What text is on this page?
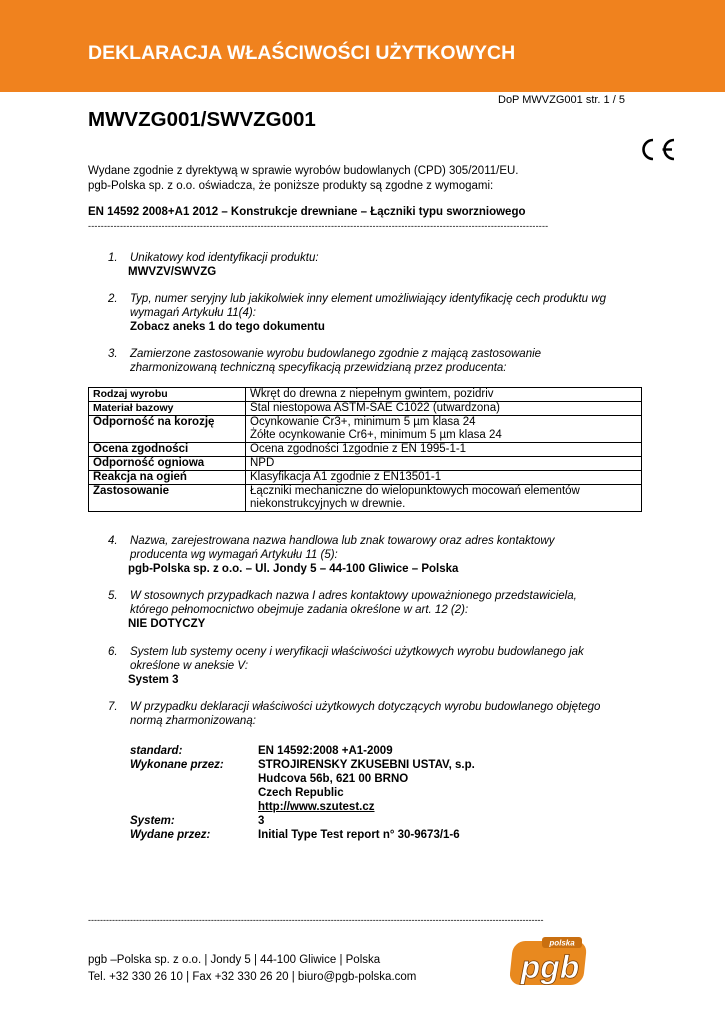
DEKLARACJA WŁAŚCIWOŚCI UŻYTKOWYCH
DoP MWVZG001 str. 1 / 5
MWVZG001/SWVZG001
Wydane zgodnie z dyrektywą w sprawie wyrobów budowlanych (CPD) 305/2011/EU.
pgb-Polska sp. z o.o. oświadcza, że poniższe produkty są zgodne z wymogami:
EN 14592 2008+A1 2012 – Konstrukcje drewniane – Łączniki typu sworzniowego
------------------------------------------------------------------------------------------------------------------------------------------------
1. Unikatowy kod identyfikacji produktu:
MWVZV/SWVZG
2. Typ, numer seryjny lub jakikolwiek inny element umożliwiający identyfikację cech produktu wg
wymagań Artykułu 11(4):
Zobacz aneks 1 do tego dokumentu
3. Zamierzone zastosowanie wyrobu budowlanego zgodnie z mającą zastosowanie
zharmonizowaną techniczną specyfikacją przewidzianą przez producenta:
Rodzaj wyrobu	Wkręt do drewna z niepełnym gwintem, pozidriv

Materiał bazowy	Stal niestopowa ASTM-SAE C1022 (utwardzona)

Odporność na korozję	Ocynkowanie Cr3+, minimum 5 µm klasa 24
Żółte ocynkowanie Cr6+, minimum 5 µm klasa 24

Ocena zgodności	Ocena zgodności 1zgodnie z EN 1995-1-1

Odporność ogniowa	NPD

Reakcja na ogień	Klasyfikacja A1 zgodnie z EN13501-1

Zastosowanie	Łączniki mechaniczne do wielopunktowych mocowań elementów
niekonstrukcyjnych w drewnie.
4. Nazwa, zarejestrowana nazwa handlowa lub znak towarowy oraz adres kontaktowy
producenta wg wymagań Artykułu 11 (5):
pgb-Polska sp. z o.o. – Ul. Jondy 5 – 44-100 Gliwice – Polska
5. W stosownych przypadkach nazwa I adres kontaktowy upoważnionego przedstawiciela,
którego pełnomocnictwo obejmuje zadania określone w art. 12 (2):
NIE DOTYCZY
6. System lub systemy oceny i weryfikacji właściwości użytkowych wyrobu budowlanego jak
określone w aneksie V:
System 3
7. W przypadku deklaracji właściwości użytkowych dotyczących wyrobu budowlanego objętego
normą zharmonizowaną:
standard:	EN 14592:2008 +A1-2009
Wykonane przez:	STROJIRENSKY ZKUSEBNI USTAV, s.p.
Hudcova 56b, 621 00 BRNO
Czech Republic
http://www.szutest.cz
System:	3
Wydane przez:	Initial Type Test report n° 30-9673/1-6
--------------------------------------------------------------------------------------------------------------------------------------------------------
pgb –Polska sp. z o.o. | Jondy 5 | 44-100 Gliwice | Polska
Tel. +32 330 26 10 | Fax +32 330 26 20 | biuro@pgb-polska.com
polska
pgb
